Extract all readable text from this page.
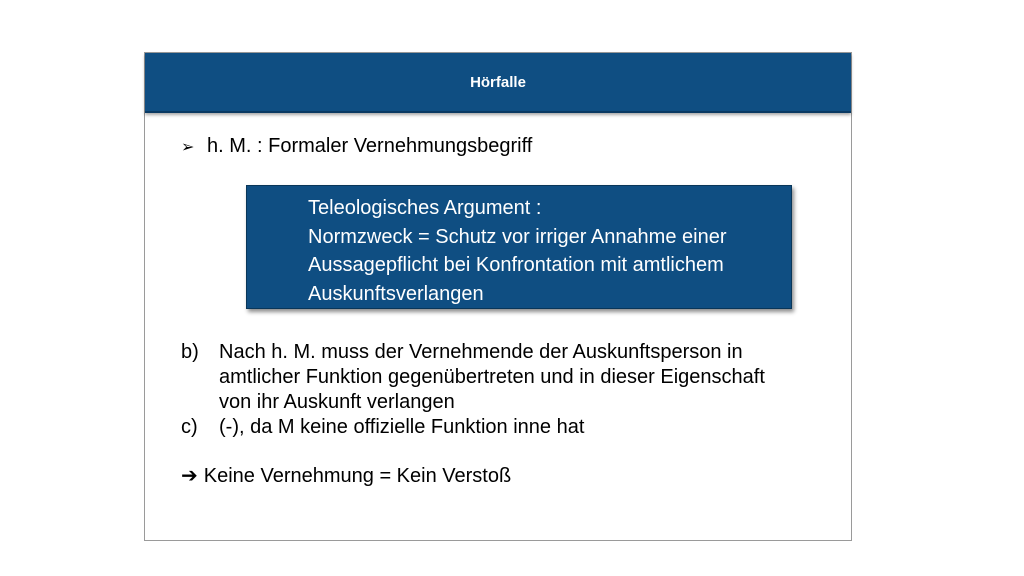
Hörfalle
➢ h. M. : Formaler Vernehmungsbegriff
Teleologisches Argument :
Normzweck = Schutz vor irriger Annahme einer
Aussagepflicht bei Konfrontation mit amtlichem
Auskunftsverlangen
b) Nach h. M. muss der Vernehmende der Auskunftsperson in
amtlicher Funktion gegenübertreten und in dieser Eigenschaft
von ihr Auskunft verlangen
c) (-), da M keine offizielle Funktion inne hat
➔ Keine Vernehmung = Kein Verstoß
